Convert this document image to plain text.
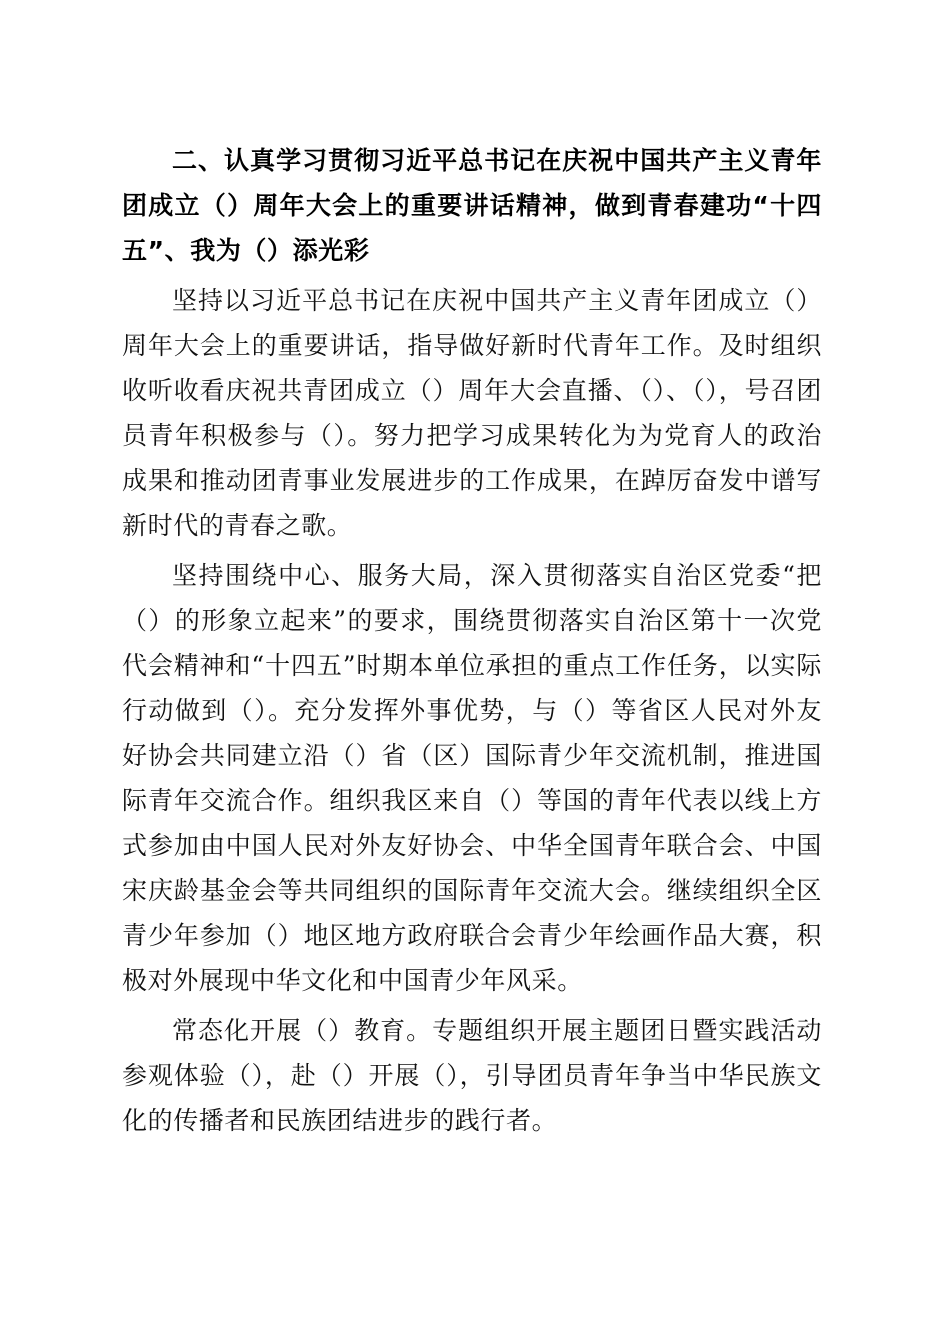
二、认真学习贯彻习近平总书记在庆祝中国共产主义青年团成立（）周年大会上的重要讲话精神，做到青春建功“十四五”、我为（）添光彩

坚持以习近平总书记在庆祝中国共产主义青年团成立（）周年大会上的重要讲话，指导做好新时代青年工作。及时组织收听收看庆祝共青团成立（）周年大会直播、（）、（），号召团员青年积极参与（）。努力把学习成果转化为为党育人的政治成果和推动团青事业发展进步的工作成果，在踔厉奋发中谱写新时代的青春之歌。

坚持围绕中心、服务大局，深入贯彻落实自治区党委“把（）的形象立起来”的要求，围绕贯彻落实自治区第十一次党代会精神和“十四五”时期本单位承担的重点工作任务，以实际行动做到（）。充分发挥外事优势，与（）等省区人民对外友好协会共同建立沿（）省（区）国际青少年交流机制，推进国际青年交流合作。组织我区来自（）等国的青年代表以线上方式参加由中国人民对外友好协会、中华全国青年联合会、中国宋庆龄基金会等共同组织的国际青年交流大会。继续组织全区青少年参加（）地区地方政府联合会青少年绘画作品大赛，积极对外展现中华文化和中国青少年风采。

常态化开展（）教育。专题组织开展主题团日暨实践活动参观体验（），赴（）开展（），引导团员青年争当中华民族文化的传播者和民族团结进步的践行者。
